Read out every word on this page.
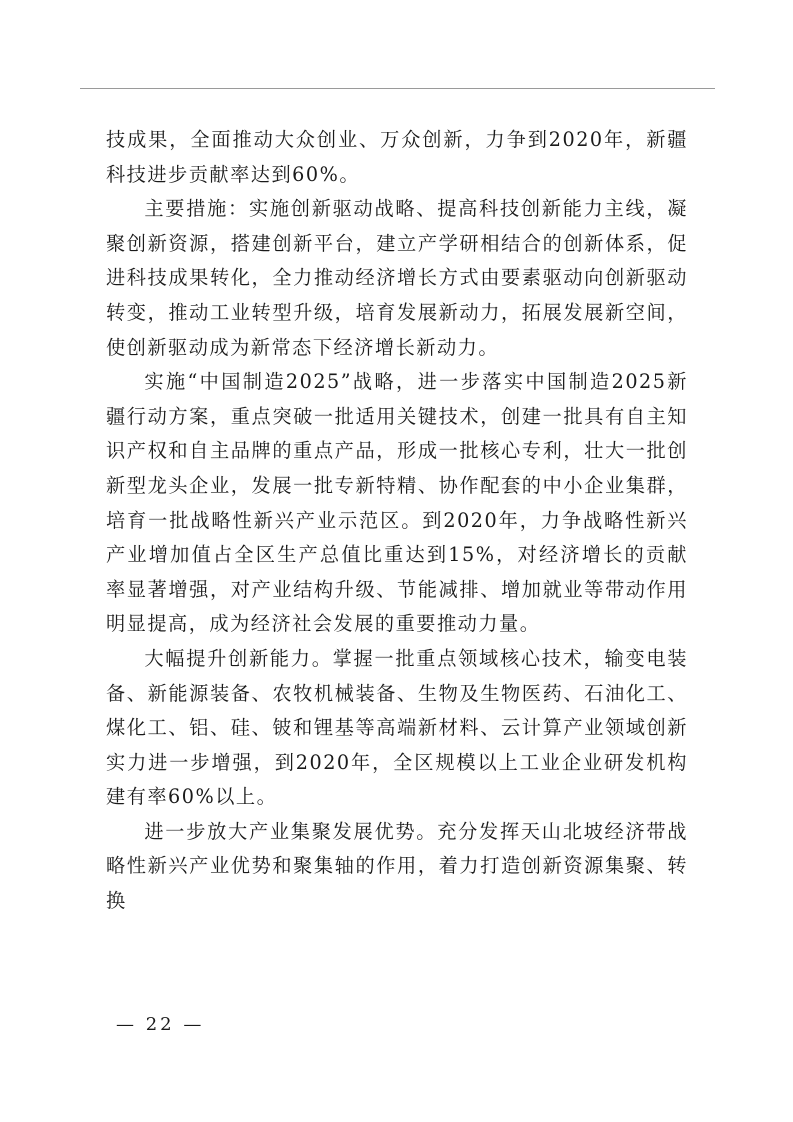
技成果，全面推动大众创业、万众创新，力争到2020年，新疆科技进步贡献率达到60%。

主要措施：实施创新驱动战略、提高科技创新能力主线，凝聚创新资源，搭建创新平台，建立产学研相结合的创新体系，促进科技成果转化，全力推动经济增长方式由要素驱动向创新驱动转变，推动工业转型升级，培育发展新动力，拓展发展新空间，使创新驱动成为新常态下经济增长新动力。

实施“中国制造2025”战略，进一步落实中国制造2025新疆行动方案，重点突破一批适用关键技术，创建一批具有自主知识产权和自主品牌的重点产品，形成一批核心专利，壮大一批创新型龙头企业，发展一批专新特精、协作配套的中小企业集群，培育一批战略性新兴产业示范区。到2020年，力争战略性新兴产业增加值占全区生产总值比重达到15%，对经济增长的贡献率显著增强，对产业结构升级、节能减排、增加就业等带动作用明显提高，成为经济社会发展的重要推动力量。

大幅提升创新能力。掌握一批重点领域核心技术，输变电装备、新能源装备、农牧机械装备、生物及生物医药、石油化工、煤化工、铝、硅、铍和锂基等高端新材料、云计算产业领域创新实力进一步增强，到2020年，全区规模以上工业企业研发机构建有率60%以上。

进一步放大产业集聚发展优势。充分发挥天山北坡经济带战略性新兴产业优势和聚集轴的作用，着力打造创新资源集聚、转换

— 22 —
